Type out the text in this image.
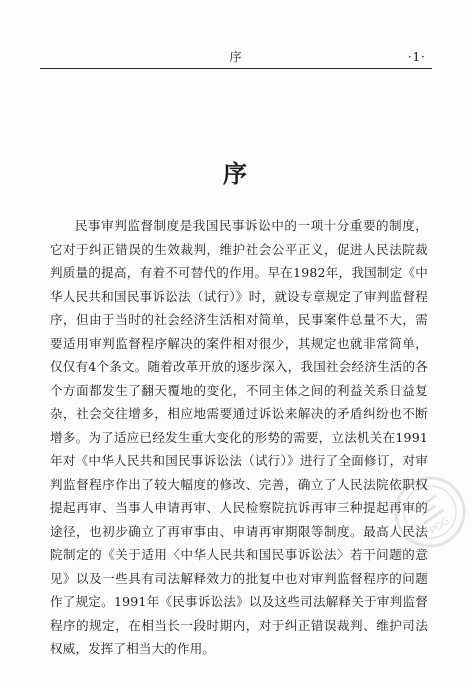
序	·1·
序

民事审判监督制度是我国民事诉讼中的一项十分重要的制度，它对于纠正错误的生效裁判，维护社会公平正义，促进人民法院裁判质量的提高，有着不可替代的作用。早在1982年，我国制定《中华人民共和国民事诉讼法（试行）》时，就设专章规定了审判监督程序，但由于当时的社会经济生活相对简单，民事案件总量不大，需要适用审判监督程序解决的案件相对很少，其规定也就非常简单，仅仅有4个条文。随着改革开放的逐步深入，我国社会经济生活的各个方面都发生了翻天覆地的变化，不同主体之间的利益关系日益复杂，社会交往增多，相应地需要通过诉讼来解决的矛盾纠纷也不断增多。为了适应已经发生重大变化的形势的需要，立法机关在1991年对《中华人民共和国民事诉讼法（试行）》进行了全面修订，对审判监督程序作出了较大幅度的修改、完善，确立了人民法院依职权提起再审、当事人申请再审、人民检察院抗诉再审三种提起再审的途径，也初步确立了再审事由、申请再审期限等制度。最高人民法院制定的《关于适用〈中华人民共和国民事诉讼法〉若干问题的意见》以及一些具有司法解释效力的批复中也对审判监督程序的问题作了规定。1991年《民事诉讼法》以及这些司法解释关于审判监督程序的规定，在相当长一段时期内，对于纠正错误裁判、维护司法权威，发挥了相当大的作用。

PDG
